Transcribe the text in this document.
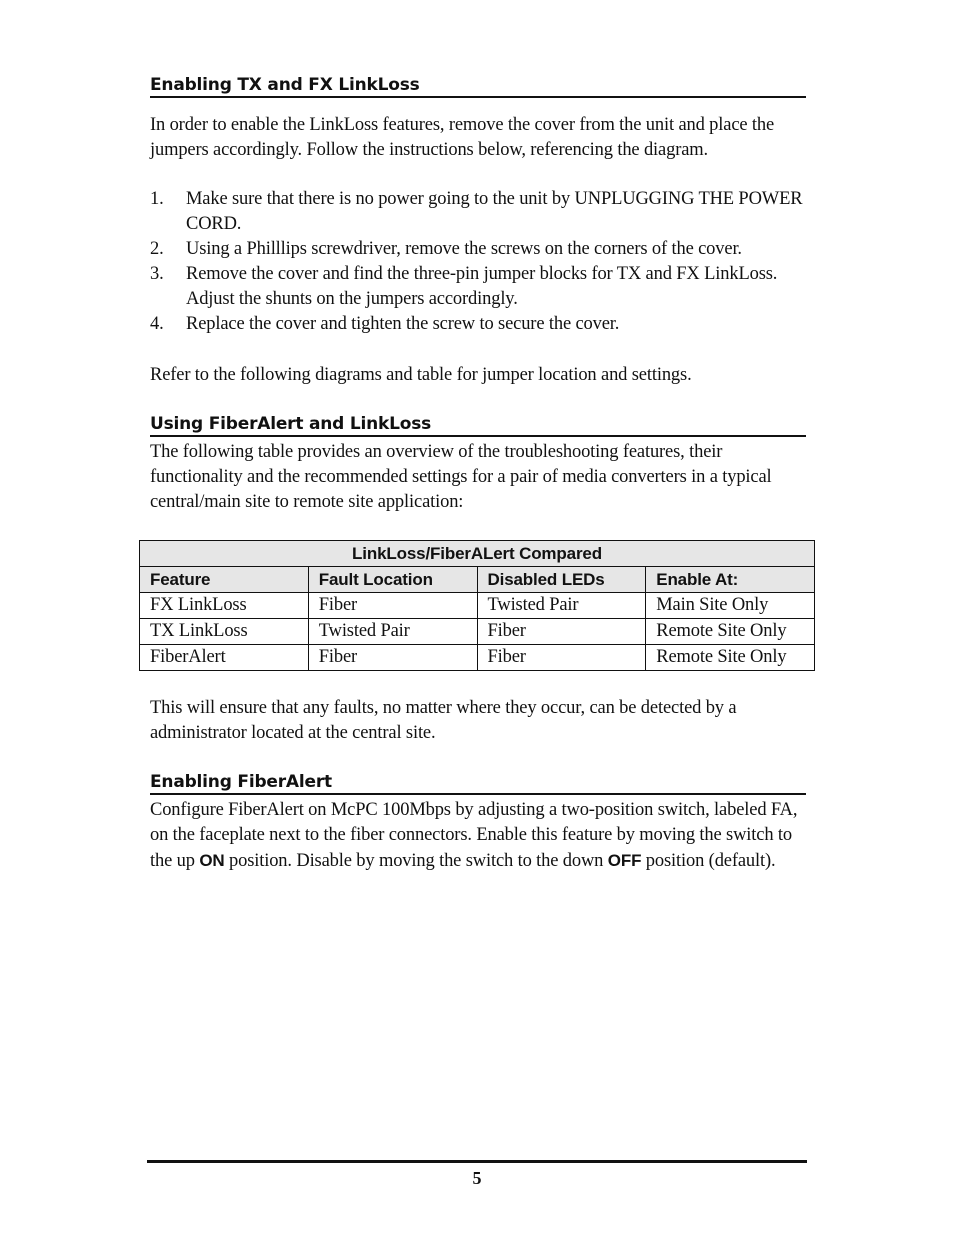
Enabling TX and FX LinkLoss
In order to enable the LinkLoss features, remove the cover from the unit and place the jumpers accordingly. Follow the instructions below, referencing the diagram.
1. Make sure that there is no power going to the unit by UNPLUGGING THE POWER CORD.
2. Using a Philllips screwdriver, remove the screws on the corners of the cover.
3. Remove the cover and find the three-pin jumper blocks for TX and FX LinkLoss. Adjust the shunts on the jumpers accordingly.
4. Replace the cover and tighten the screw to secure the cover.
Refer to the following diagrams and table for jumper location and settings.
Using FiberAlert and LinkLoss
The following table provides an overview of the troubleshooting features, their functionality and the recommended settings for a pair of media converters in a typical central/main site to remote site application:
This will ensure that any faults, no matter where they occur, can be detected by a administrator located at the central site.
Enabling FiberAlert
Configure FiberAlert on McPC 100Mbps by adjusting a two-position switch, labeled FA, on the faceplate next to the fiber connectors. Enable this feature by moving the switch to the up ON position. Disable by moving the switch to the down OFF position (default).
LinkLoss/FiberALert Compared			
Feature	Fault Location	Disabled LEDs	Enable At:
FX LinkLoss	Fiber	Twisted Pair	Main Site Only
TX LinkLoss	Twisted Pair	Fiber	Remote Site Only
FiberAlert	Fiber	Fiber	Remote Site Only
5
